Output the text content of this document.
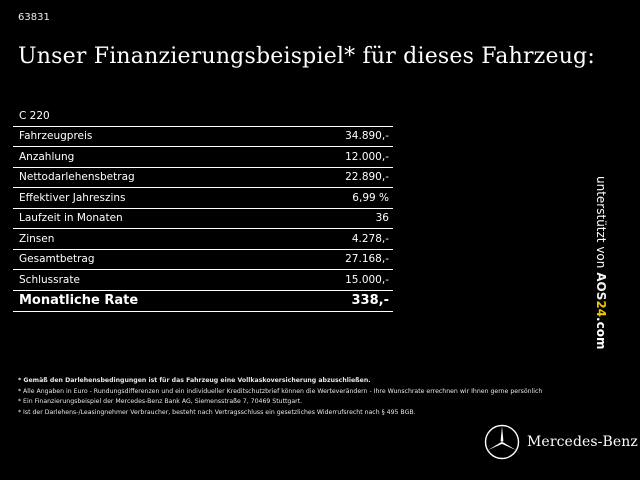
63831
Unser Finanzierungsbeispiel* für dieses Fahrzeug:
C 220
Fahrzeugpreis	34.890,-
Anzahlung	12.000,-
Nettodarlehensbetrag	22.890,-
Effektiver Jahreszins	6,99 %
Laufzeit in Monaten	36
Zinsen	4.278,-
Gesamtbetrag	27.168,-
Schlussrate	15.000,-
Monatliche Rate	338,-
unterstützt von AOS24.com
* Gemäß den Darlehensbedingungen ist für das Fahrzeug eine Vollkaskoversicherung abzuschließen.
* Alle Angaben in Euro - Rundungsdifferenzen und ein individueller Kreditschutzbrief können die Werteverändern - Ihre Wunschrate errechnen wir Ihnen gerne persönlich
* Ein Finanzierungsbeispiel der Mercedes-Benz Bank AG, Siemensstraße 7, 70469 Stuttgart.
* Ist der Darlehens-/Leasingnehmer Verbraucher, besteht nach Vertragsschluss ein gesetzliches Widerrufsrecht nach § 495 BGB.
Mercedes-Benz
